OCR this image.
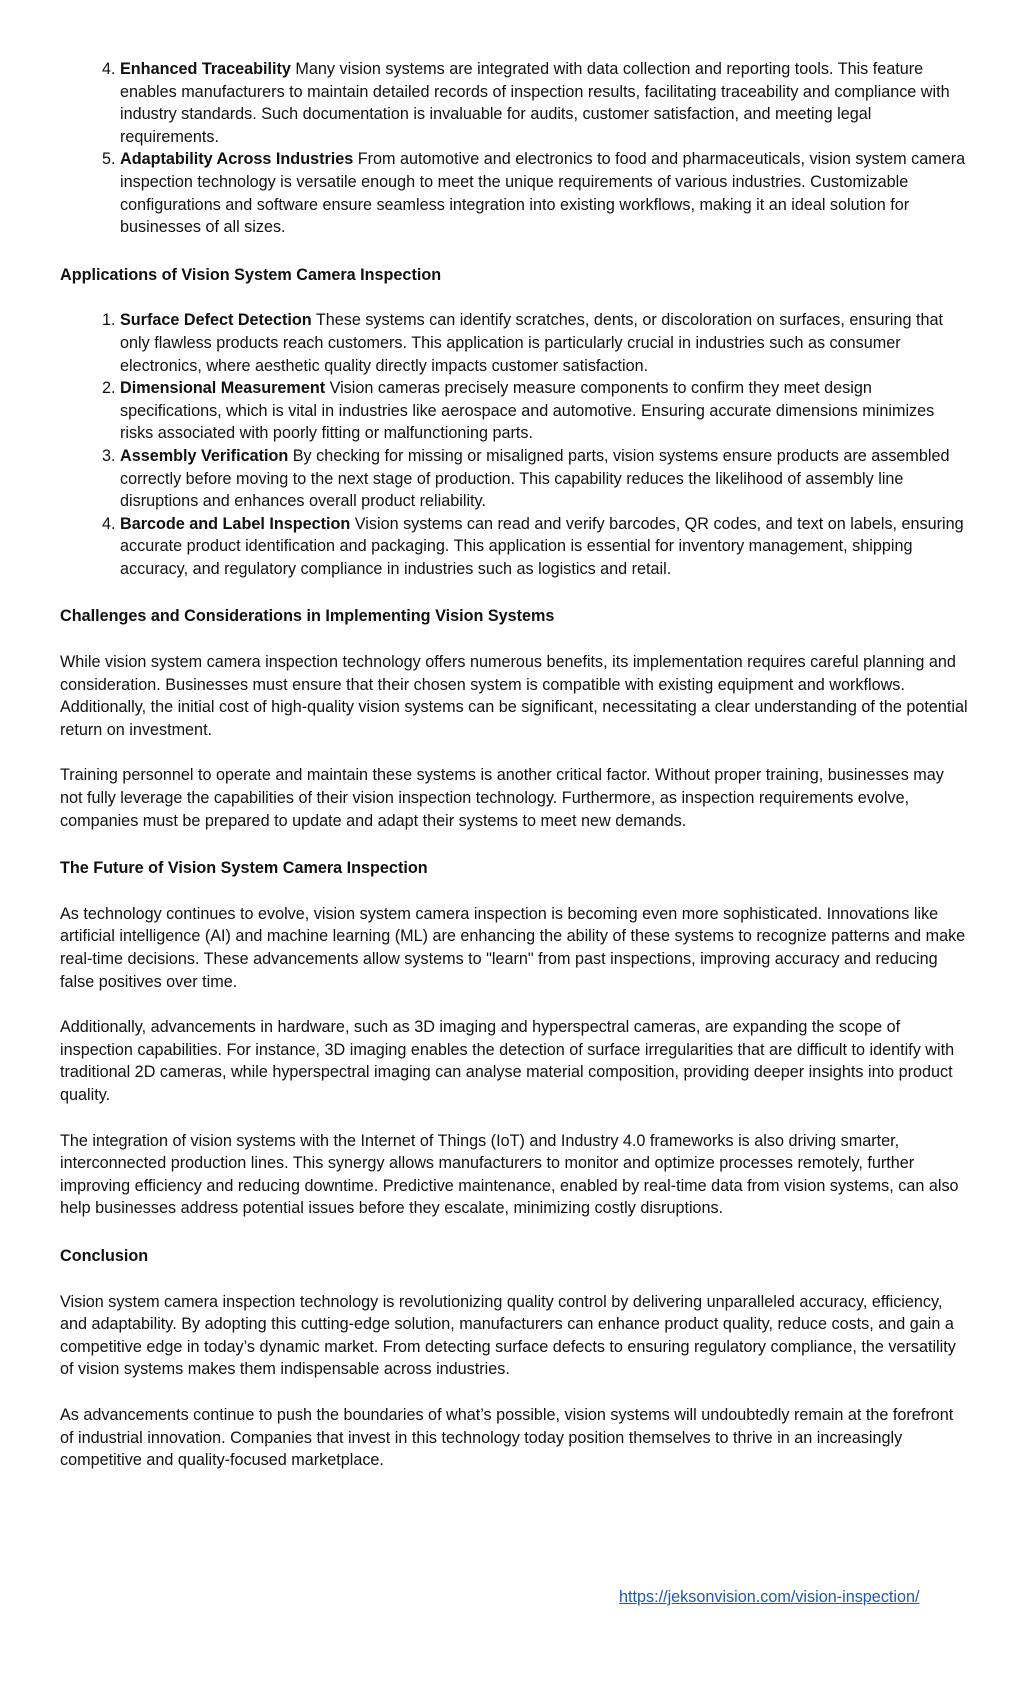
4. Enhanced Traceability Many vision systems are integrated with data collection and reporting tools. This feature enables manufacturers to maintain detailed records of inspection results, facilitating traceability and compliance with industry standards. Such documentation is invaluable for audits, customer satisfaction, and meeting legal requirements.
5. Adaptability Across Industries From automotive and electronics to food and pharmaceuticals, vision system camera inspection technology is versatile enough to meet the unique requirements of various industries. Customizable configurations and software ensure seamless integration into existing workflows, making it an ideal solution for businesses of all sizes.

Applications of Vision System Camera Inspection

1. Surface Defect Detection These systems can identify scratches, dents, or discoloration on surfaces, ensuring that only flawless products reach customers. This application is particularly crucial in industries such as consumer electronics, where aesthetic quality directly impacts customer satisfaction.
2. Dimensional Measurement Vision cameras precisely measure components to confirm they meet design specifications, which is vital in industries like aerospace and automotive. Ensuring accurate dimensions minimizes risks associated with poorly fitting or malfunctioning parts.
3. Assembly Verification By checking for missing or misaligned parts, vision systems ensure products are assembled correctly before moving to the next stage of production. This capability reduces the likelihood of assembly line disruptions and enhances overall product reliability.
4. Barcode and Label Inspection Vision systems can read and verify barcodes, QR codes, and text on labels, ensuring accurate product identification and packaging. This application is essential for inventory management, shipping accuracy, and regulatory compliance in industries such as logistics and retail.

Challenges and Considerations in Implementing Vision Systems

While vision system camera inspection technology offers numerous benefits, its implementation requires careful planning and consideration. Businesses must ensure that their chosen system is compatible with existing equipment and workflows. Additionally, the initial cost of high-quality vision systems can be significant, necessitating a clear understanding of the potential return on investment.

Training personnel to operate and maintain these systems is another critical factor. Without proper training, businesses may not fully leverage the capabilities of their vision inspection technology. Furthermore, as inspection requirements evolve, companies must be prepared to update and adapt their systems to meet new demands.

The Future of Vision System Camera Inspection

As technology continues to evolve, vision system camera inspection is becoming even more sophisticated. Innovations like artificial intelligence (AI) and machine learning (ML) are enhancing the ability of these systems to recognize patterns and make real-time decisions. These advancements allow systems to "learn" from past inspections, improving accuracy and reducing false positives over time.

Additionally, advancements in hardware, such as 3D imaging and hyperspectral cameras, are expanding the scope of inspection capabilities. For instance, 3D imaging enables the detection of surface irregularities that are difficult to identify with traditional 2D cameras, while hyperspectral imaging can analyse material composition, providing deeper insights into product quality.

The integration of vision systems with the Internet of Things (IoT) and Industry 4.0 frameworks is also driving smarter, interconnected production lines. This synergy allows manufacturers to monitor and optimize processes remotely, further improving efficiency and reducing downtime. Predictive maintenance, enabled by real-time data from vision systems, can also help businesses address potential issues before they escalate, minimizing costly disruptions.

Conclusion

Vision system camera inspection technology is revolutionizing quality control by delivering unparalleled accuracy, efficiency, and adaptability. By adopting this cutting-edge solution, manufacturers can enhance product quality, reduce costs, and gain a competitive edge in today’s dynamic market. From detecting surface defects to ensuring regulatory compliance, the versatility of vision systems makes them indispensable across industries.

As advancements continue to push the boundaries of what’s possible, vision systems will undoubtedly remain at the forefront of industrial innovation. Companies that invest in this technology today position themselves to thrive in an increasingly competitive and quality-focused marketplace.

https://jeksonvision.com/vision-inspection/
